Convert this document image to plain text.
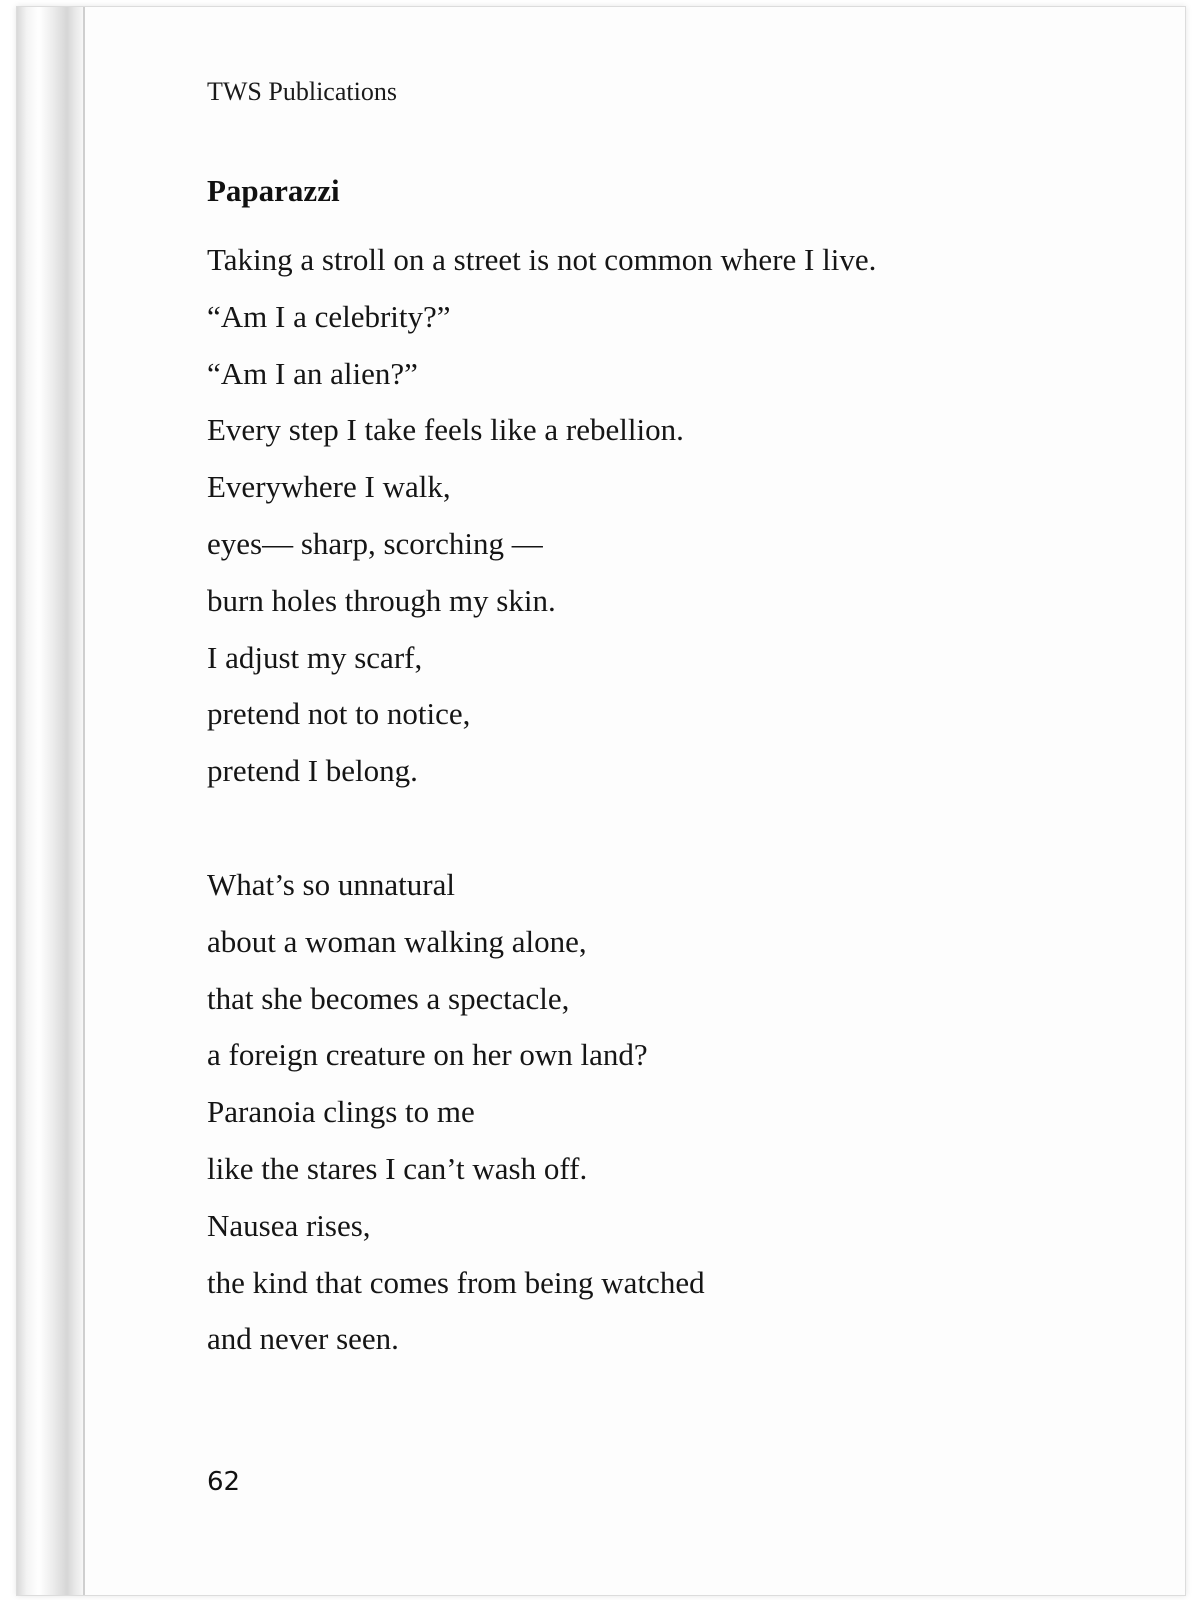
TWS Publications

Paparazzi
Taking a stroll on a street is not common where I live.
“Am I a celebrity?”
“Am I an alien?”
Every step I take feels like a rebellion.
Everywhere I walk,
eyes— sharp, scorching —
burn holes through my skin.
I adjust my scarf,
pretend not to notice,
pretend I belong.
What’s so unnatural
about a woman walking alone,
that she becomes a spectacle,
a foreign creature on her own land?
Paranoia clings to me
like the stares I can’t wash off.
Nausea rises,
the kind that comes from being watched
and never seen.

62
